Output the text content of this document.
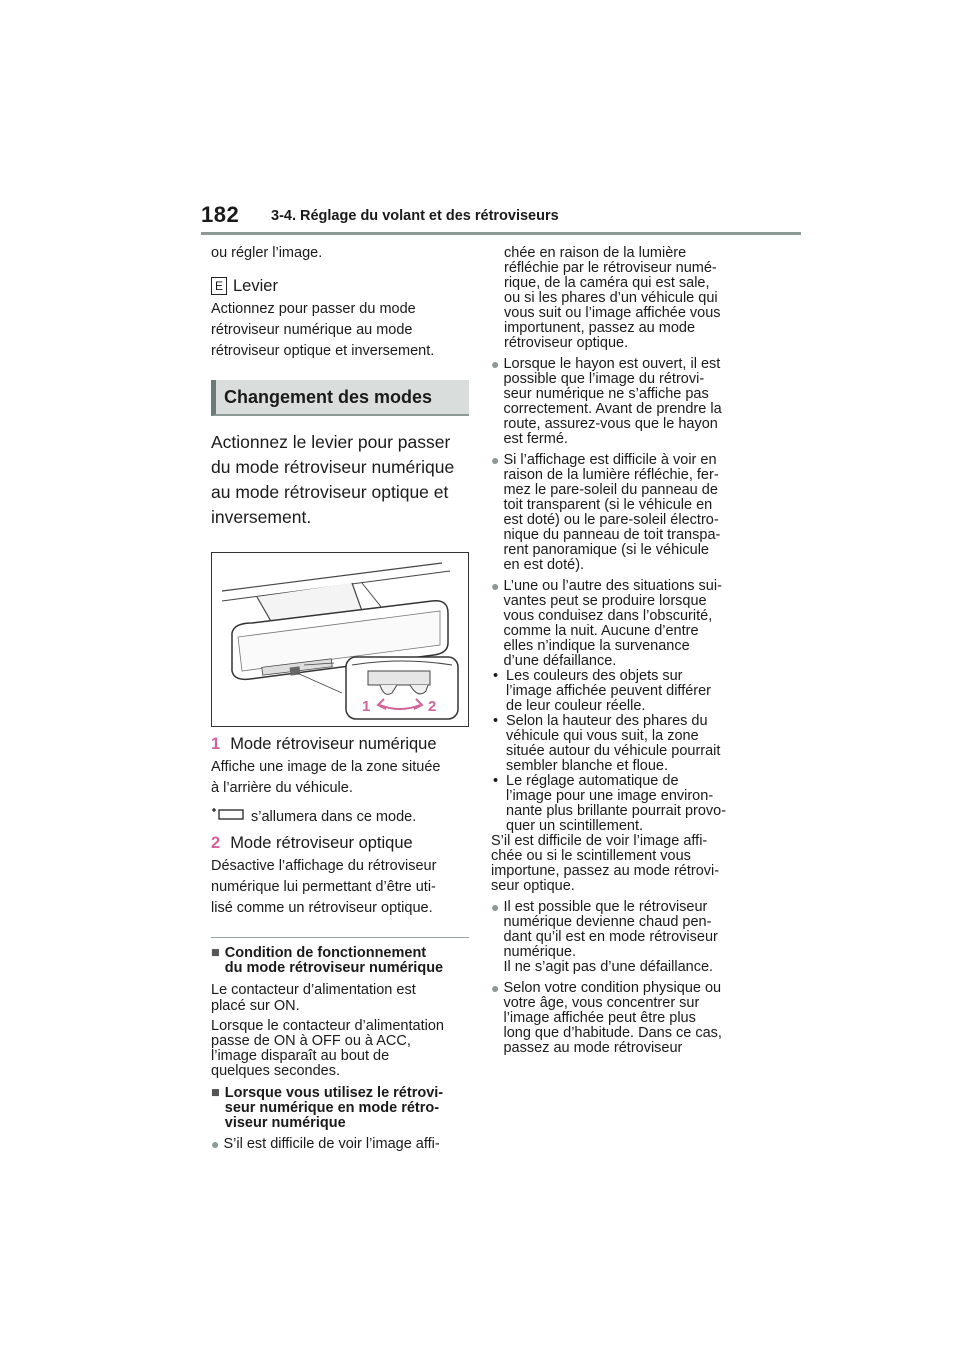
182 3-4. Réglage du volant et des rétroviseurs

ou régler l’image.

E Levier

Actionnez pour passer du mode
rétroviseur numérique au mode
rétroviseur optique et inversement.

Changement des modes

Actionnez le levier pour passer
du mode rétroviseur numérique
au mode rétroviseur optique et
inversement.

1	2

1 Mode rétroviseur numérique

Affiche une image de la zone située
à l’arrière du véhicule.

s’allumera dans ce mode.

2 Mode rétroviseur optique

Désactive l’affichage du rétroviseur
numérique lui permettant d’être uti-
lisé comme un rétroviseur optique.

■ Condition de fonctionnement
du mode rétroviseur numérique

Le contacteur d’alimentation est
placé sur ON.

Lorsque le contacteur d’alimentation
passe de ON à OFF ou à ACC,
l’image disparaît au bout de
quelques secondes.

■ Lorsque vous utilisez le rétrovi-
seur numérique en mode rétro-
viseur numérique

● S’il est difficile de voir l’image affi-

chée en raison de la lumière
réfléchie par le rétroviseur numé-
rique, de la caméra qui est sale,
ou si les phares d’un véhicule qui
vous suit ou l’image affichée vous
importunent, passez au mode
rétroviseur optique.

● Lorsque le hayon est ouvert, il est
possible que l’image du rétrovi-
seur numérique ne s’affiche pas
correctement. Avant de prendre la
route, assurez-vous que le hayon
est fermé.

● Si l’affichage est difficile à voir en
raison de la lumière réfléchie, fer-
mez le pare-soleil du panneau de
toit transparent (si le véhicule en
est doté) ou le pare-soleil électro-
nique du panneau de toit transpa-
rent panoramique (si le véhicule
en est doté).

● L’une ou l’autre des situations sui-
vantes peut se produire lorsque
vous conduisez dans l’obscurité,
comme la nuit. Aucune d’entre
elles n’indique la survenance
d’une défaillance.

• Les couleurs des objets sur
l’image affichée peuvent différer
de leur couleur réelle.

• Selon la hauteur des phares du
véhicule qui vous suit, la zone
située autour du véhicule pourrait
sembler blanche et floue.

• Le réglage automatique de
l’image pour une image environ-
nante plus brillante pourrait provo-
quer un scintillement.

S’il est difficile de voir l’image affi-
chée ou si le scintillement vous
importune, passez au mode rétrovi-
seur optique.

● Il est possible que le rétroviseur
numérique devienne chaud pen-
dant qu’il est en mode rétroviseur
numérique.
Il ne s’agit pas d’une défaillance.

● Selon votre condition physique ou
votre âge, vous concentrer sur
l’image affichée peut être plus
long que d’habitude. Dans ce cas,
passez au mode rétroviseur
